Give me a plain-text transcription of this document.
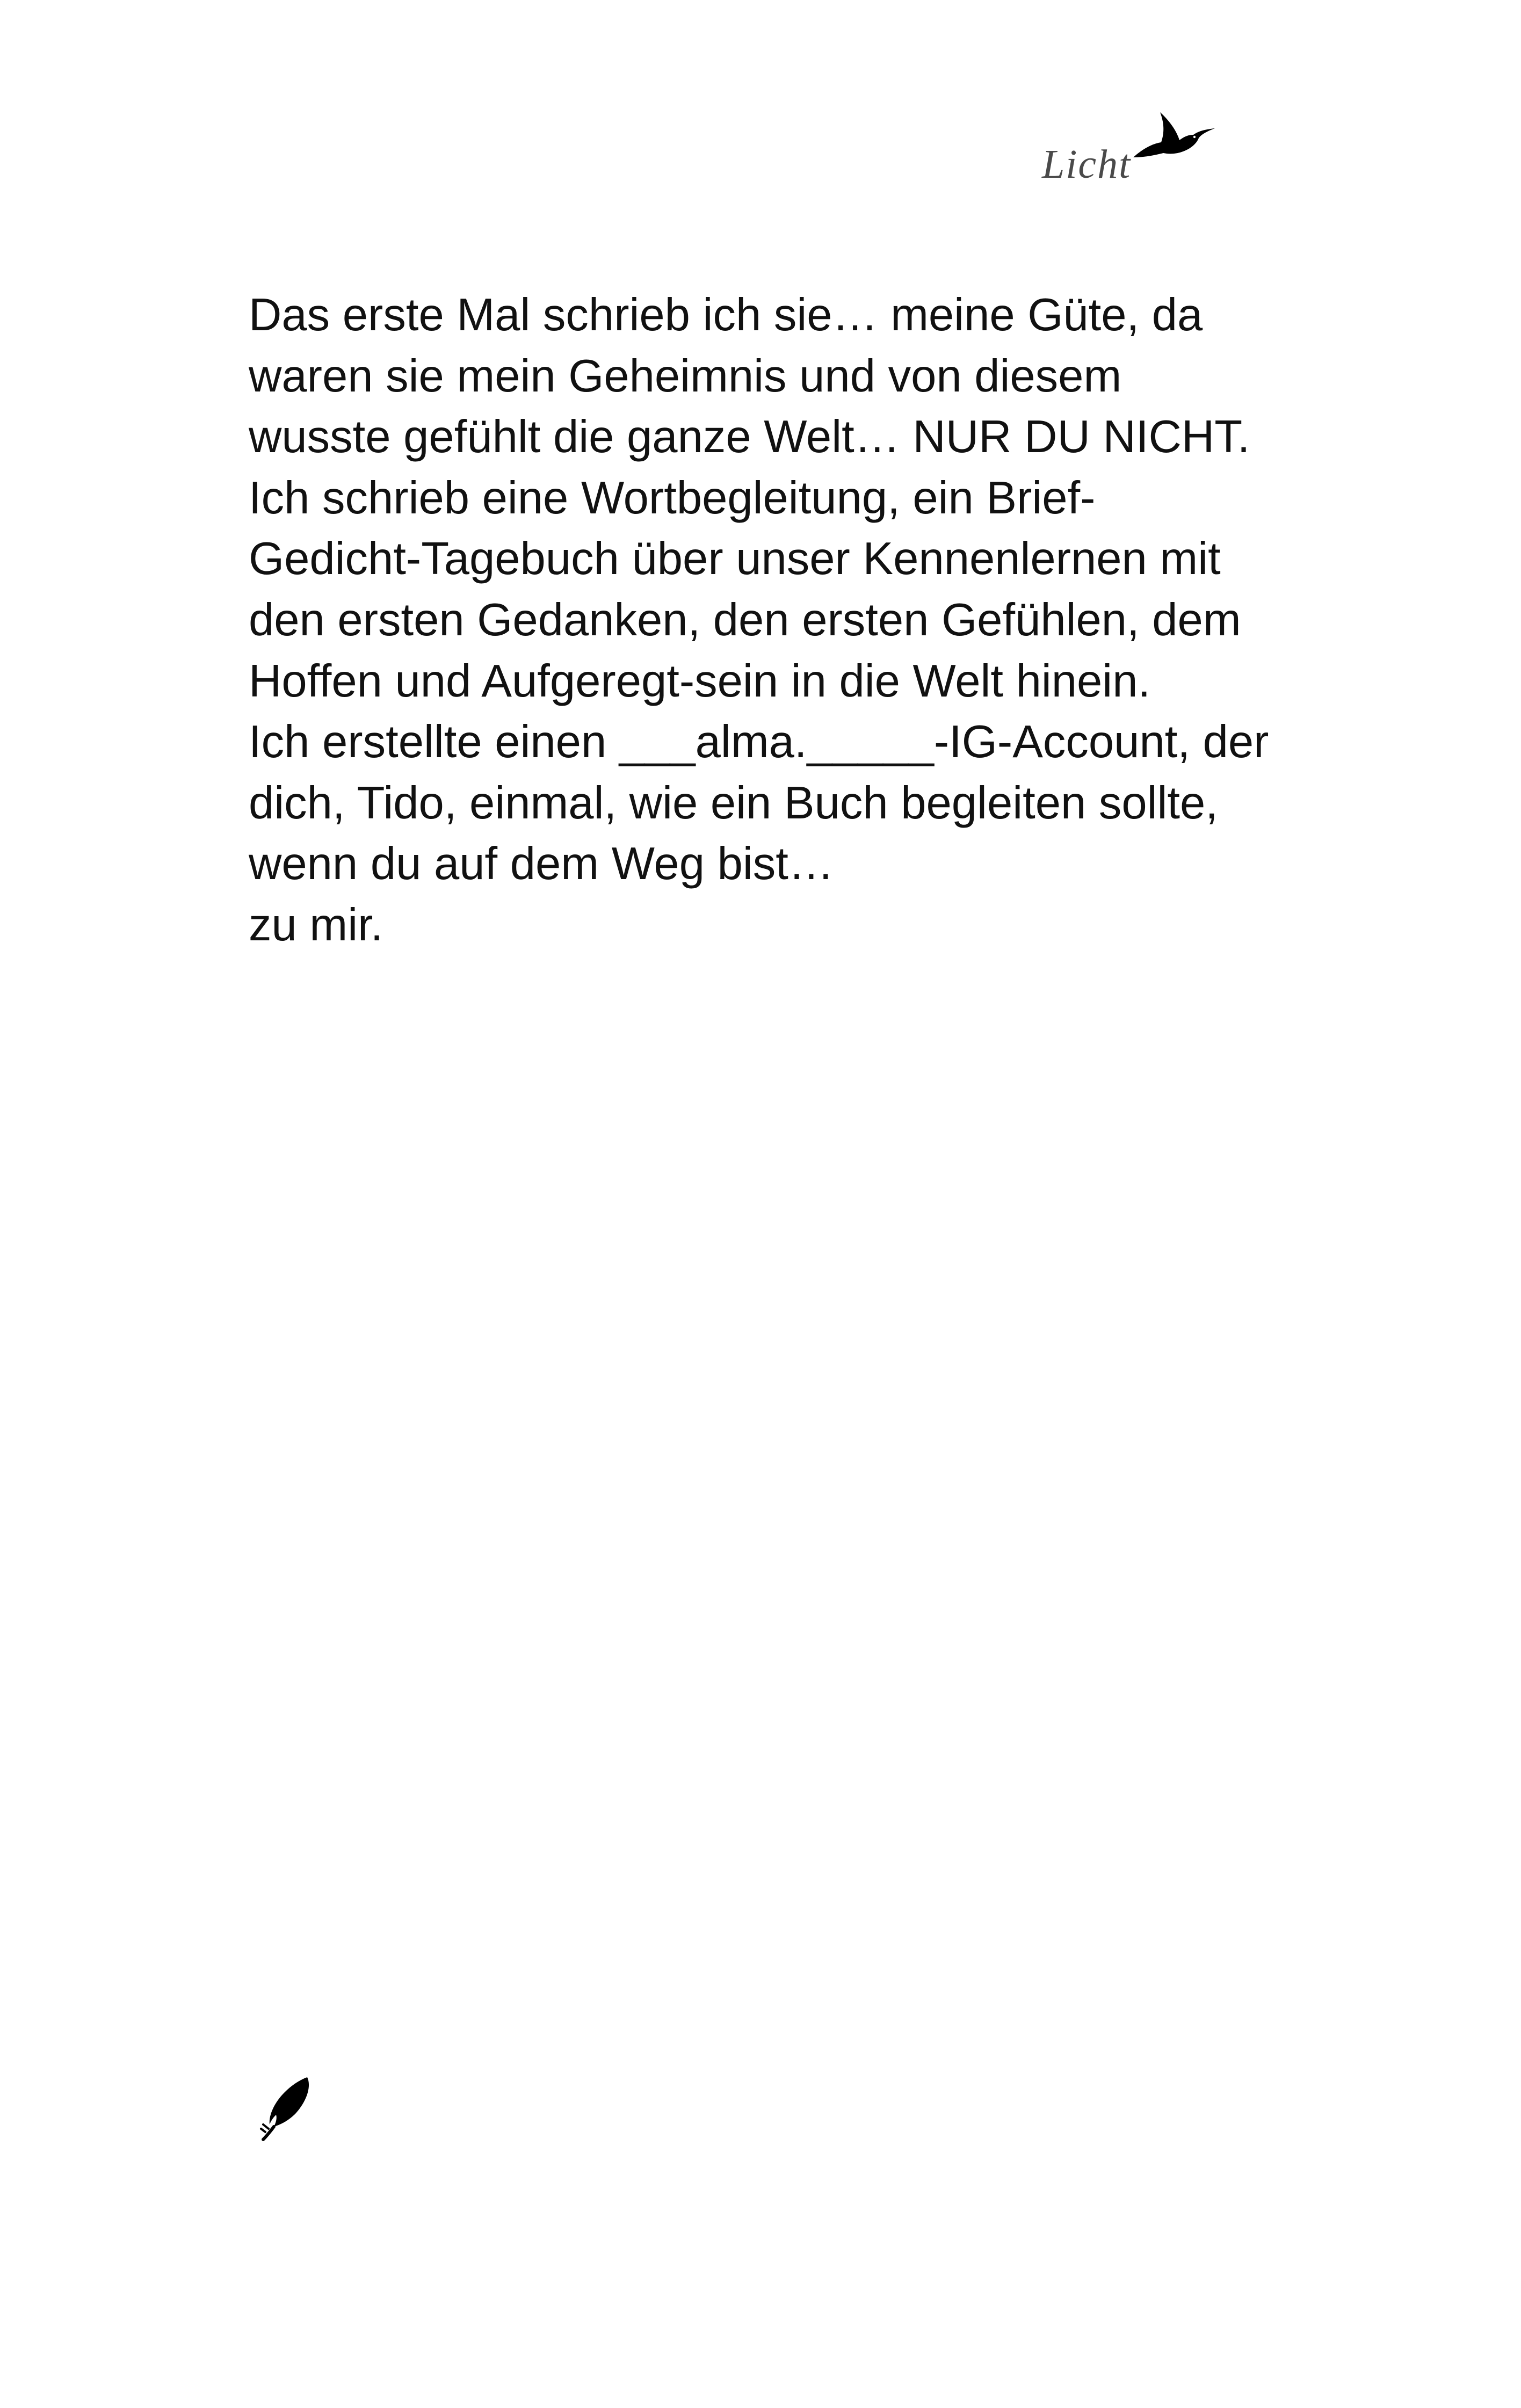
Licht
Das erste Mal schrieb ich sie… meine Güte, da
waren sie mein Geheimnis und von diesem
wusste gefühlt die ganze Welt… NUR DU NICHT.
Ich schrieb eine Wortbegleitung, ein Brief-
Gedicht-Tagebuch über unser Kennenlernen mit
den ersten Gedanken, den ersten Gefühlen, dem
Hoffen und Aufgeregt-sein in die Welt hinein.
Ich erstellte einen ___alma._____-IG-Account, der
dich, Tido, einmal, wie ein Buch begleiten sollte,
wenn du auf dem Weg bist…
zu mir.
